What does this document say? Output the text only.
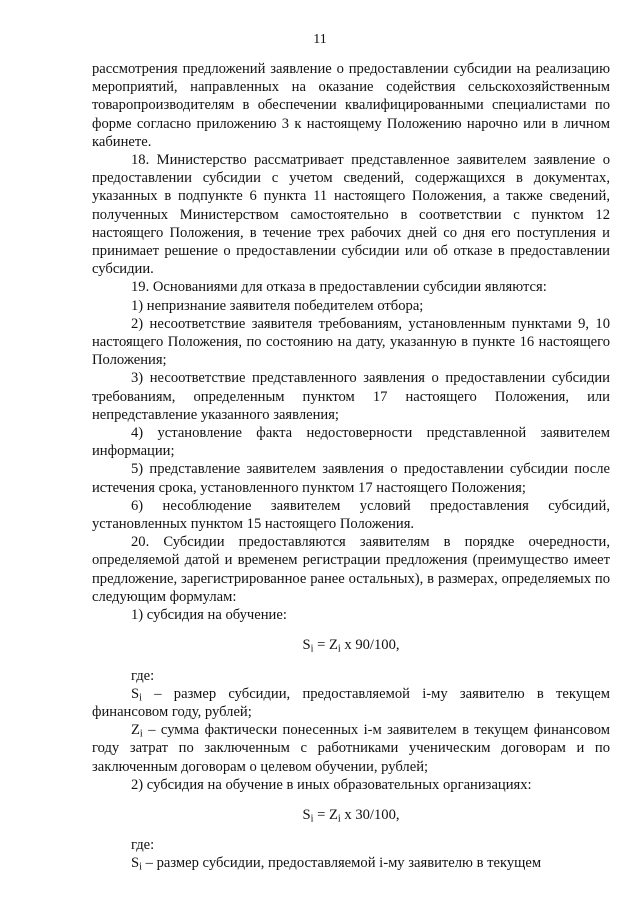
11

рассмотрения предложений заявление о предоставлении субсидии на реализацию мероприятий, направленных на оказание содействия сельскохозяйственным товаропроизводителям в обеспечении квалифицированными специалистами по форме согласно приложению 3 к настоящему Положению нарочно или в личном кабинете.

18. Министерство рассматривает представленное заявителем заявление о предоставлении субсидии с учетом сведений, содержащихся в документах, указанных в подпункте 6 пункта 11 настоящего Положения, а также сведений, полученных Министерством самостоятельно в соответствии с пунктом 12 настоящего Положения, в течение трех рабочих дней со дня его поступления и принимает решение о предоставлении субсидии или об отказе в предоставлении субсидии.

19. Основаниями для отказа в предоставлении субсидии являются:

1) непризнание заявителя победителем отбора;

2) несоответствие заявителя требованиям, установленным пунктами 9, 10 настоящего Положения, по состоянию на дату, указанную в пункте 16 настоящего Положения;

3) несоответствие представленного заявления о предоставлении субсидии требованиям, определенным пунктом 17 настоящего Положения, или непредставление указанного заявления;

4) установление факта недостоверности представленной заявителем информации;

5) представление заявителем заявления о предоставлении субсидии после истечения срока, установленного пунктом 17 настоящего Положения;

6) несоблюдение заявителем условий предоставления субсидий, установленных пунктом 15 настоящего Положения.

20. Субсидии предоставляются заявителям в порядке очередности, определяемой датой и временем регистрации предложения (преимущество имеет предложение, зарегистрированное ранее остальных), в размерах, определяемых по следующим формулам:

1) субсидия на обучение:

$S_i = Z_i$ x 90/100,

где:

$S_i$ – размер субсидии, предоставляемой i-му заявителю в текущем финансовом году, рублей;

$Z_i$ – сумма фактически понесенных i-м заявителем в текущем финансовом году затрат по заключенным с работниками ученическим договорам и по заключенным договорам о целевом обучении, рублей;

2) субсидия на обучение в иных образовательных организациях:

$S_i = Z_i$ x 30/100,

где:

$S_i$ – размер субсидии, предоставляемой i-му заявителю в текущем
